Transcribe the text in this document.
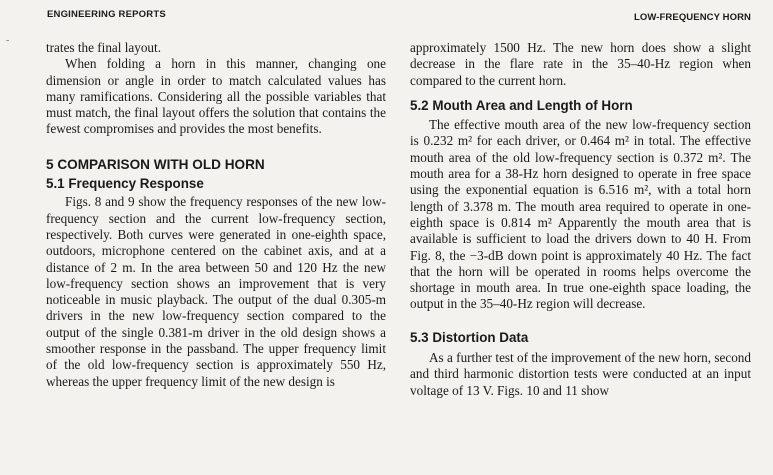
-
ENGINEERING REPORTS	LOW-FREQUENCY HORN

trates the final layout.

When folding a horn in this manner, changing one dimension or angle in order to match calculated values has many ramifications. Considering all the possible variables that must match, the final layout offers the solution that contains the fewest compromises and provides the most benefits.

5 COMPARISON WITH OLD HORN
5.1 Frequency Response

Figs. 8 and 9 show the frequency responses of the new low-frequency section and the current low-frequency section, respectively. Both curves were generated in one-eighth space, outdoors, microphone centered on the cabinet axis, and at a distance of 2 m. In the area between 50 and 120 Hz the new low-frequency section shows an improvement that is very noticeable in music playback. The output of the dual 0.305-m drivers in the new low-frequency section compared to the output of the single 0.381-m driver in the old design shows a smoother response in the passband. The upper frequency limit of the old low-frequency section is approximately 550 Hz, whereas the upper frequency limit of the new design is

approximately 1500 Hz. The new horn does show a slight decrease in the flare rate in the 35–40-Hz region when compared to the current horn.

5.2 Mouth Area and Length of Horn

The effective mouth area of the new low-frequency section is 0.232 m² for each driver, or 0.464 m² in total. The effective mouth area of the old low-frequency section is 0.372 m². The mouth area for a 38-Hz horn designed to operate in free space using the exponential equation is 6.516 m², with a total horn length of 3.378 m. The mouth area required to operate in one-eighth space is 0.814 m² Apparently the mouth area that is available is sufficient to load the drivers down to 40 H. From Fig. 8, the −3-dB down point is approximately 40 Hz. The fact that the horn will be operated in rooms helps overcome the shortage in mouth area. In true one-eighth space loading, the output in the 35–40-Hz region will decrease.

5.3 Distortion Data

As a further test of the improvement of the new horn, second and third harmonic distortion tests were conducted at an input voltage of 13 V. Figs. 10 and 11 show
